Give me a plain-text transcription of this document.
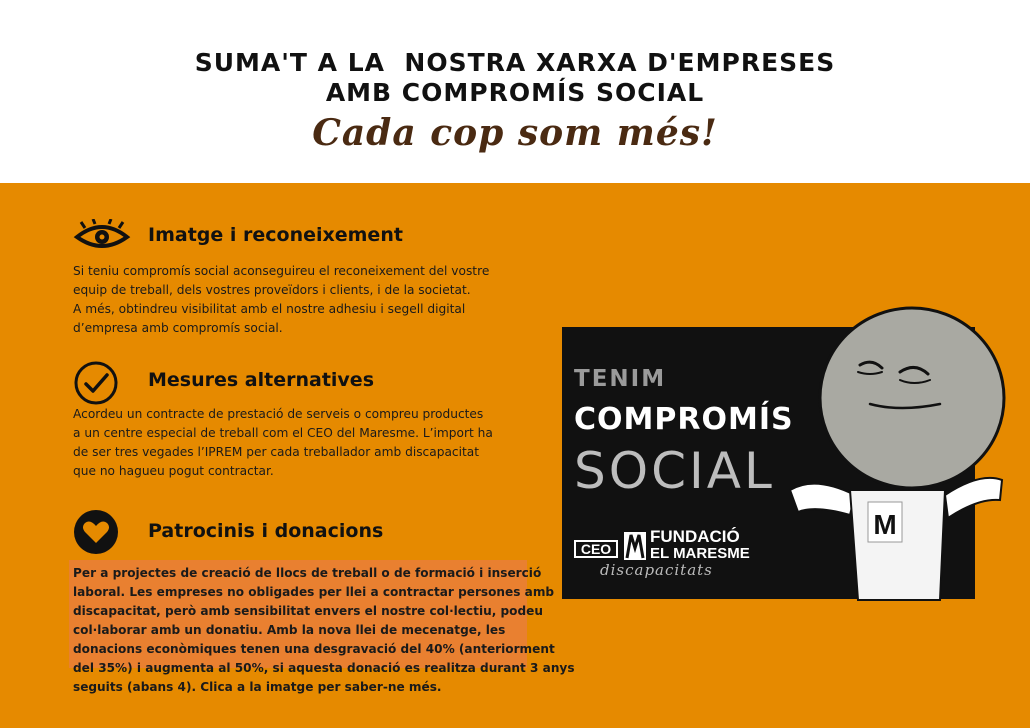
SUMA'T A LA  NOSTRA XARXA D'EMPRESES
AMB COMPROMÍS SOCIAL
Cada cop som més!
Imatge i reconeixement

Si teniu compromís social aconseguireu el reconeixement del vostre

equip de treball, dels vostres proveïdors i clients, i de la societat.

A més, obtindreu visibilitat amb el nostre adhesiu i segell digital

d’empresa amb compromís social.

Mesures alternatives

Acordeu un contracte de prestació de serveis o compreu productes

a un centre especial de treball com el CEO del Maresme. L’import ha

de ser tres vegades l’IPREM per cada treballador amb discapacitat

que no hagueu pogut contractar.

Patrocinis i donacions

Per a projectes de creació de llocs de treball o de formació i inserció

laboral. Les empreses no obligades per llei a contractar persones amb

discapacitat, però amb sensibilitat envers el nostre col·lectiu, podeu

col·laborar amb un donatiu. Amb la nova llei de mecenatge, les

donacions econòmiques tenen una desgravació del 40% (anteriorment

del 35%) i augmenta al 50%, si aquesta donació es realitza durant 3 anys

seguits (abans 4). Clica a la imatge per saber-ne més.

TENIM
COMPROMÍS
SOCIAL
CEO
FUNDACIÓ
EL MARESME
discapacitats
M
